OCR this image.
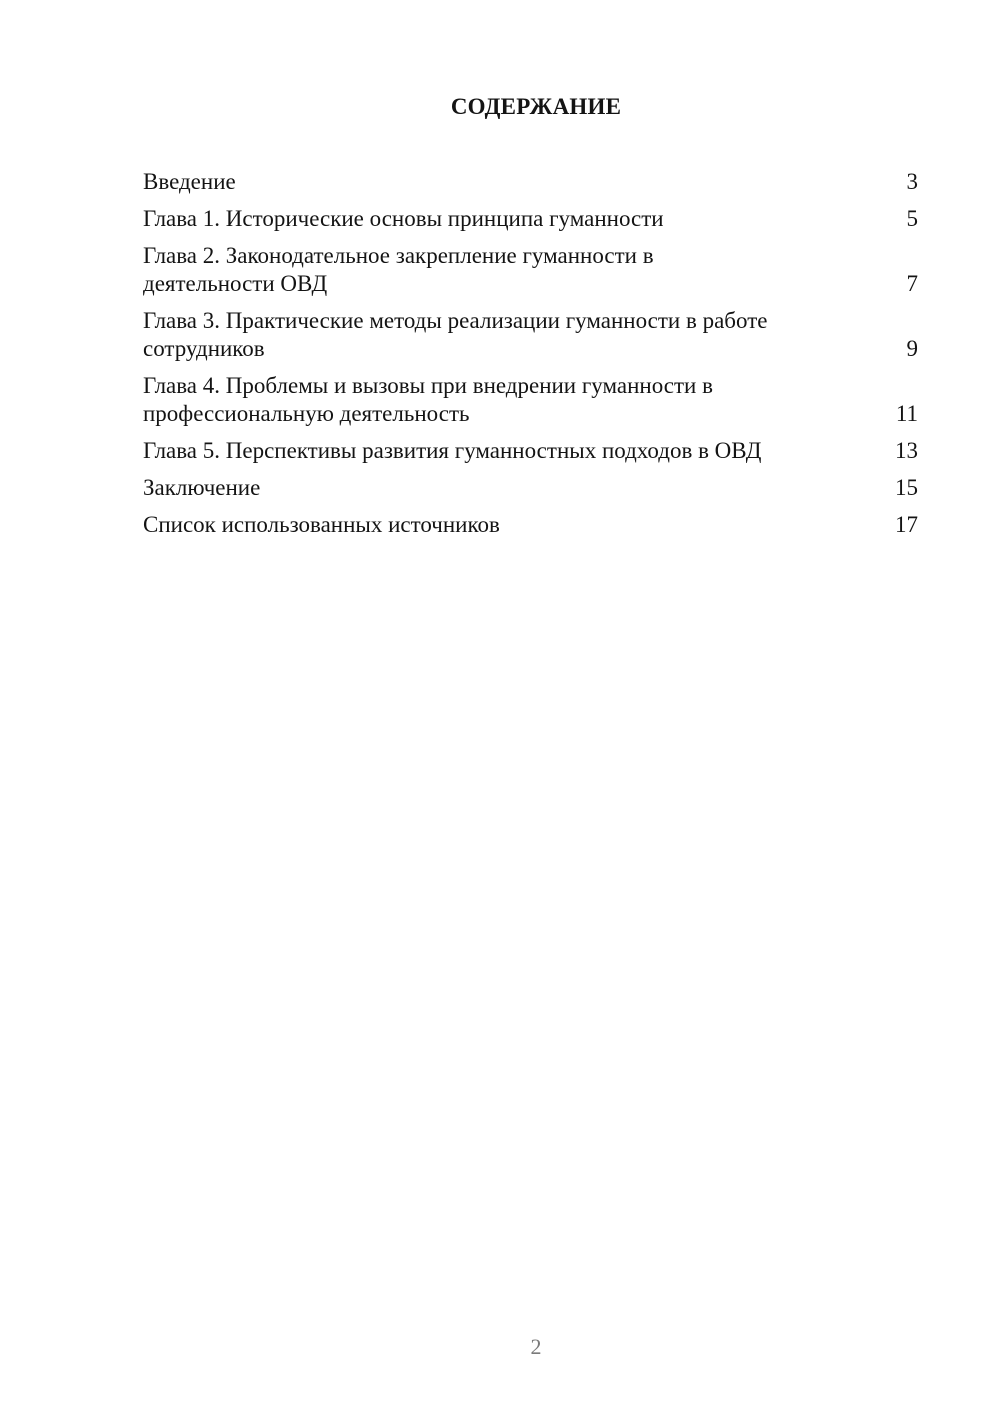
СОДЕРЖАНИЕ
Введение	3
Глава 1. Исторические основы принципа гуманности	5
Глава 2. Законодательное закрепление гуманности в
деятельности ОВД	7
Глава 3. Практические методы реализации гуманности в работе
сотрудников	9
Глава 4. Проблемы и вызовы при внедрении гуманности в
профессиональную деятельность	11
Глава 5. Перспективы развития гуманностных подходов в ОВД	13
Заключение	15
Список использованных источников	17
2
